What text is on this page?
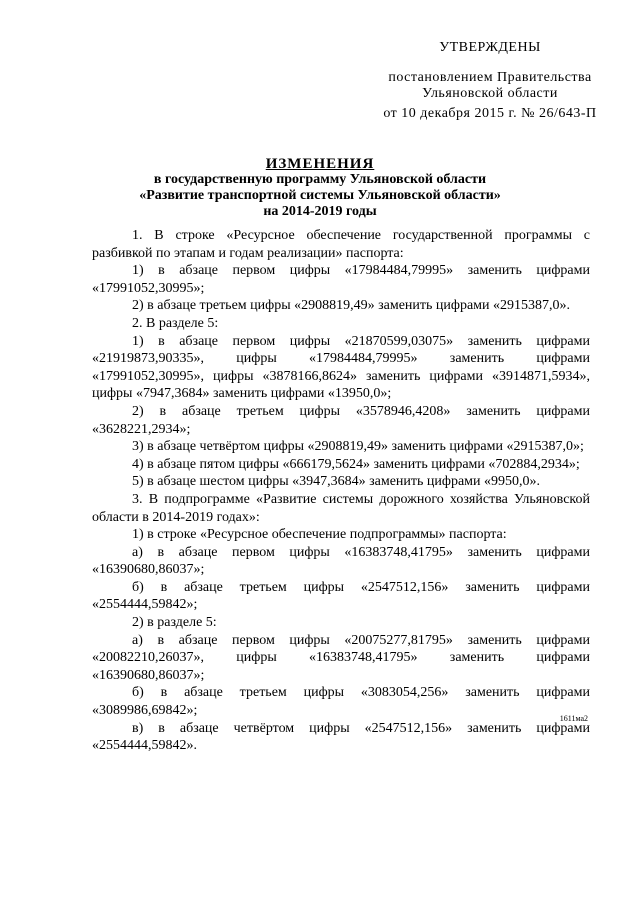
УТВЕРЖДЕНЫ
постановлением Правительства
Ульяновской области
от 10 декабря 2015 г. № 26/643-П
ИЗМЕНЕНИЯ
в государственную программу Ульяновской области
«Развитие транспортной системы Ульяновской области»
на 2014-2019 годы
1. В строке «Ресурсное обеспечение государственной программы с разбивкой по этапам и годам реализации» паспорта:
1) в абзаце первом цифры «17984484,79995» заменить цифрами «17991052,30995»;
2) в абзаце третьем цифры «2908819,49» заменить цифрами «2915387,0».
2. В разделе 5:
1) в абзаце первом цифры «21870599,03075» заменить цифрами «21919873,90335», цифры «17984484,79995» заменить цифрами «17991052,30995», цифры «3878166,8624» заменить цифрами «3914871,5934», цифры «7947,3684» заменить цифрами «13950,0»;
2) в абзаце третьем цифры «3578946,4208» заменить цифрами «3628221,2934»;
3) в абзаце четвёртом цифры «2908819,49» заменить цифрами «2915387,0»;
4) в абзаце пятом цифры «666179,5624» заменить цифрами «702884,2934»;
5) в абзаце шестом цифры «3947,3684» заменить цифрами «9950,0».
3. В подпрограмме «Развитие системы дорожного хозяйства Ульяновской области в 2014-2019 годах»:
1) в строке «Ресурсное обеспечение подпрограммы» паспорта:
а) в абзаце первом цифры «16383748,41795» заменить цифрами «16390680,86037»;
б) в абзаце третьем цифры «2547512,156» заменить цифрами «2554444,59842»;
2) в разделе 5:
а) в абзаце первом цифры «20075277,81795» заменить цифрами «20082210,26037», цифры «16383748,41795» заменить цифрами «16390680,86037»;
б) в абзаце третьем цифры «3083054,256» заменить цифрами «3089986,69842»;
в) в абзаце четвёртом цифры «2547512,156» заменить цифрами «2554444,59842».
1611ма2
